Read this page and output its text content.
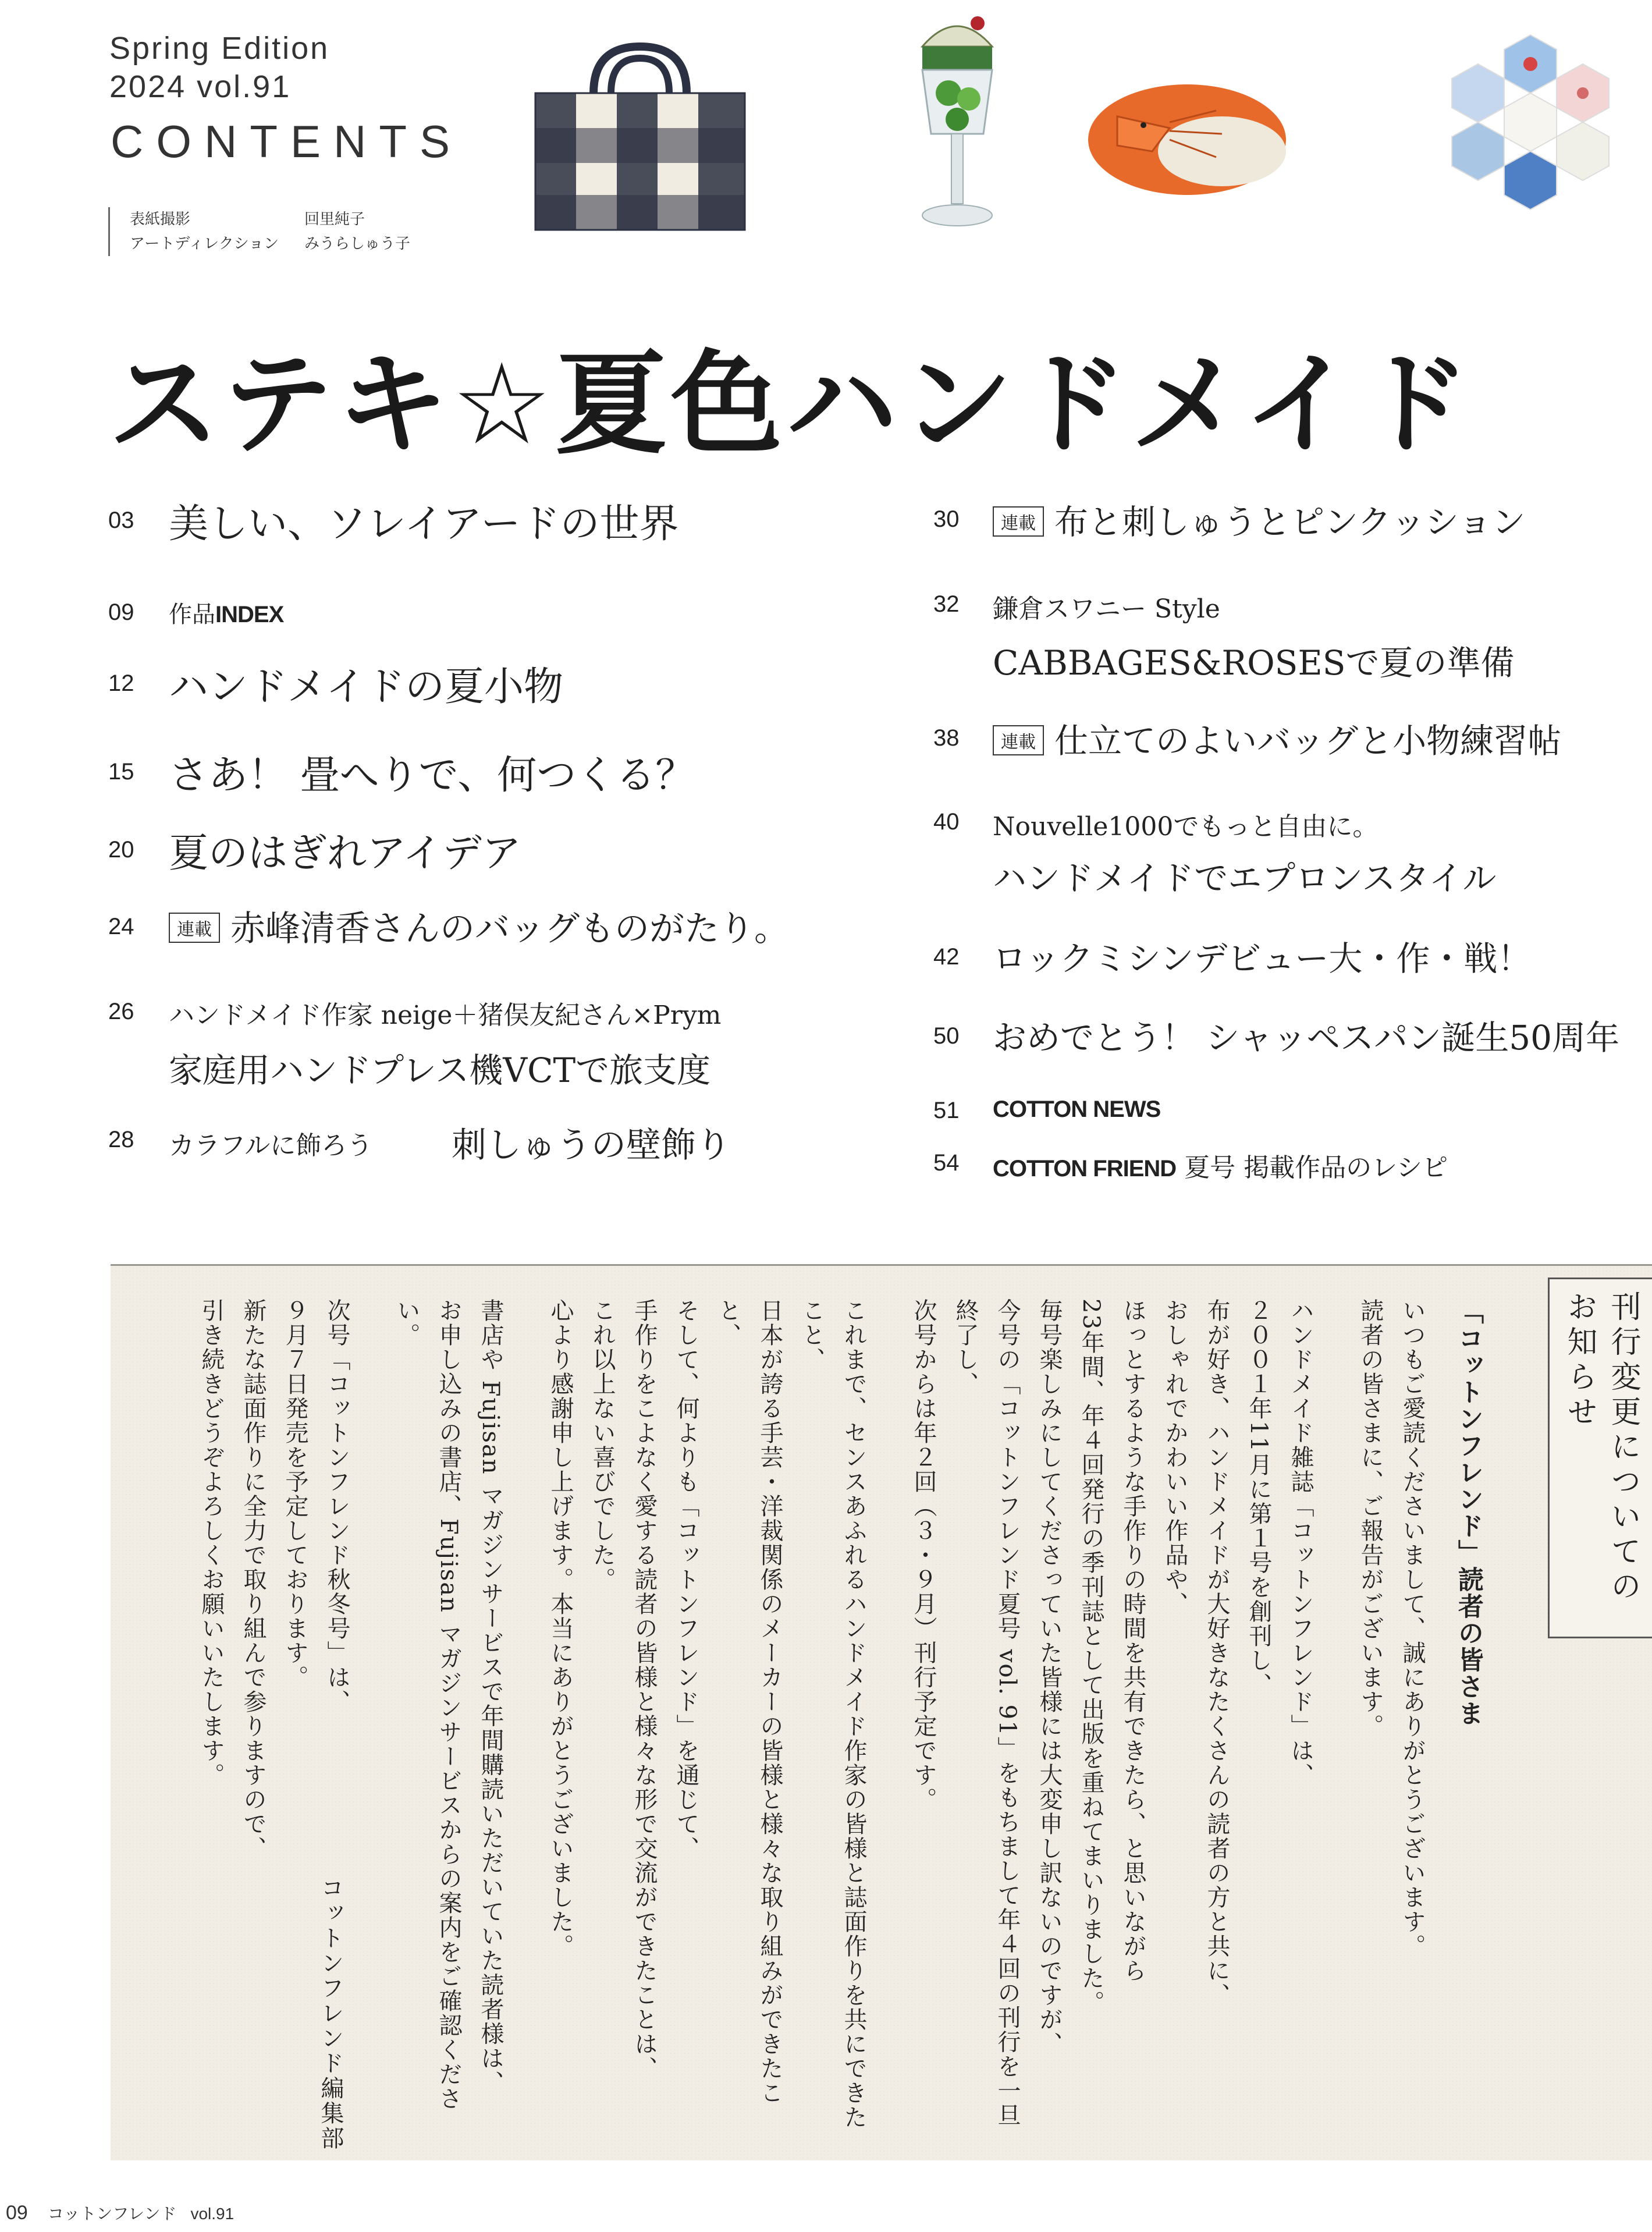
Spring Edition
2024 vol.91
CONTENTS
表紙撮影	回里純子
アートディレクション	みうらしゅう子
ステキ☆夏色ハンドメイド
03 美しい、ソレイアードの世界
09 作品INDEX
12 ハンドメイドの夏小物
15 さあ！ 畳へりで、何つくる？
20 夏のはぎれアイデア
24	連載 赤峰清香さんのバッグものがたり。
26 ハンドメイド作家 neige＋猪俣友紀さん×Prym
家庭用ハンドプレス機VCTで旅支度
28 カラフルに飾ろう 刺しゅうの壁飾り
30	連載 布と刺しゅうとピンクッション
32 鎌倉スワニー Style
CABBAGES&ROSESで夏の準備
38	連載 仕立てのよいバッグと小物練習帖
40 Nouvelle1000でもっと自由に。
ハンドメイドでエプロンスタイル
42 ロックミシンデビュー大・作・戦！
50 おめでとう！ シャッペスパン誕生50周年
51 COTTON NEWS
54 COTTON FRIEND 夏号 掲載作品のレシピ
刊行変更についてのお知らせ

「コットンフレンド」読者の皆さま

いつもご愛読くださいまして、誠にありがとうございます。

読者の皆さまに、ご報告がございます。

ハンドメイド雑誌「コットンフレンド」は、

２００１年11月に第１号を創刊し、

布が好き、ハンドメイドが大好きなたくさんの読者の方と共に、

おしゃれでかわいい作品や、

ほっとするような手作りの時間を共有できたら、と思いながら

23年間、年４回発行の季刊誌として出版を重ねてまいりました。

毎号楽しみにしてくださっていた皆様には大変申し訳ないのですが、

今号の「コットンフレンド夏号 vol. 91」をもちまして年４回の刊行を一旦終了し、

次号からは年２回（３・９月）刊行予定です。

これまで、センスあふれるハンドメイド作家の皆様と誌面作りを共にできたこと、

日本が誇る手芸・洋裁関係のメーカーの皆様と様々な取り組みができたこと、

そして、何よりも「コットンフレンド」を通じて、

手作りをこよなく愛する読者の皆様と様々な形で交流ができたことは、

これ以上ない喜びでした。

心より感謝申し上げます。本当にありがとうございました。

書店や Fujisan マガジンサービスで年間購読いただいていた読者様は、

お申し込みの書店、Fujisan マガジンサービスからの案内をご確認ください。

次号「コットンフレンド秋冬号」は、

９月７日発売を予定しております。

新たな誌面作りに全力で取り組んで参りますので、

引き続きどうぞよろしくお願いいたします。

コットンフレンド編集部
09 コットンフレンド vol.91
